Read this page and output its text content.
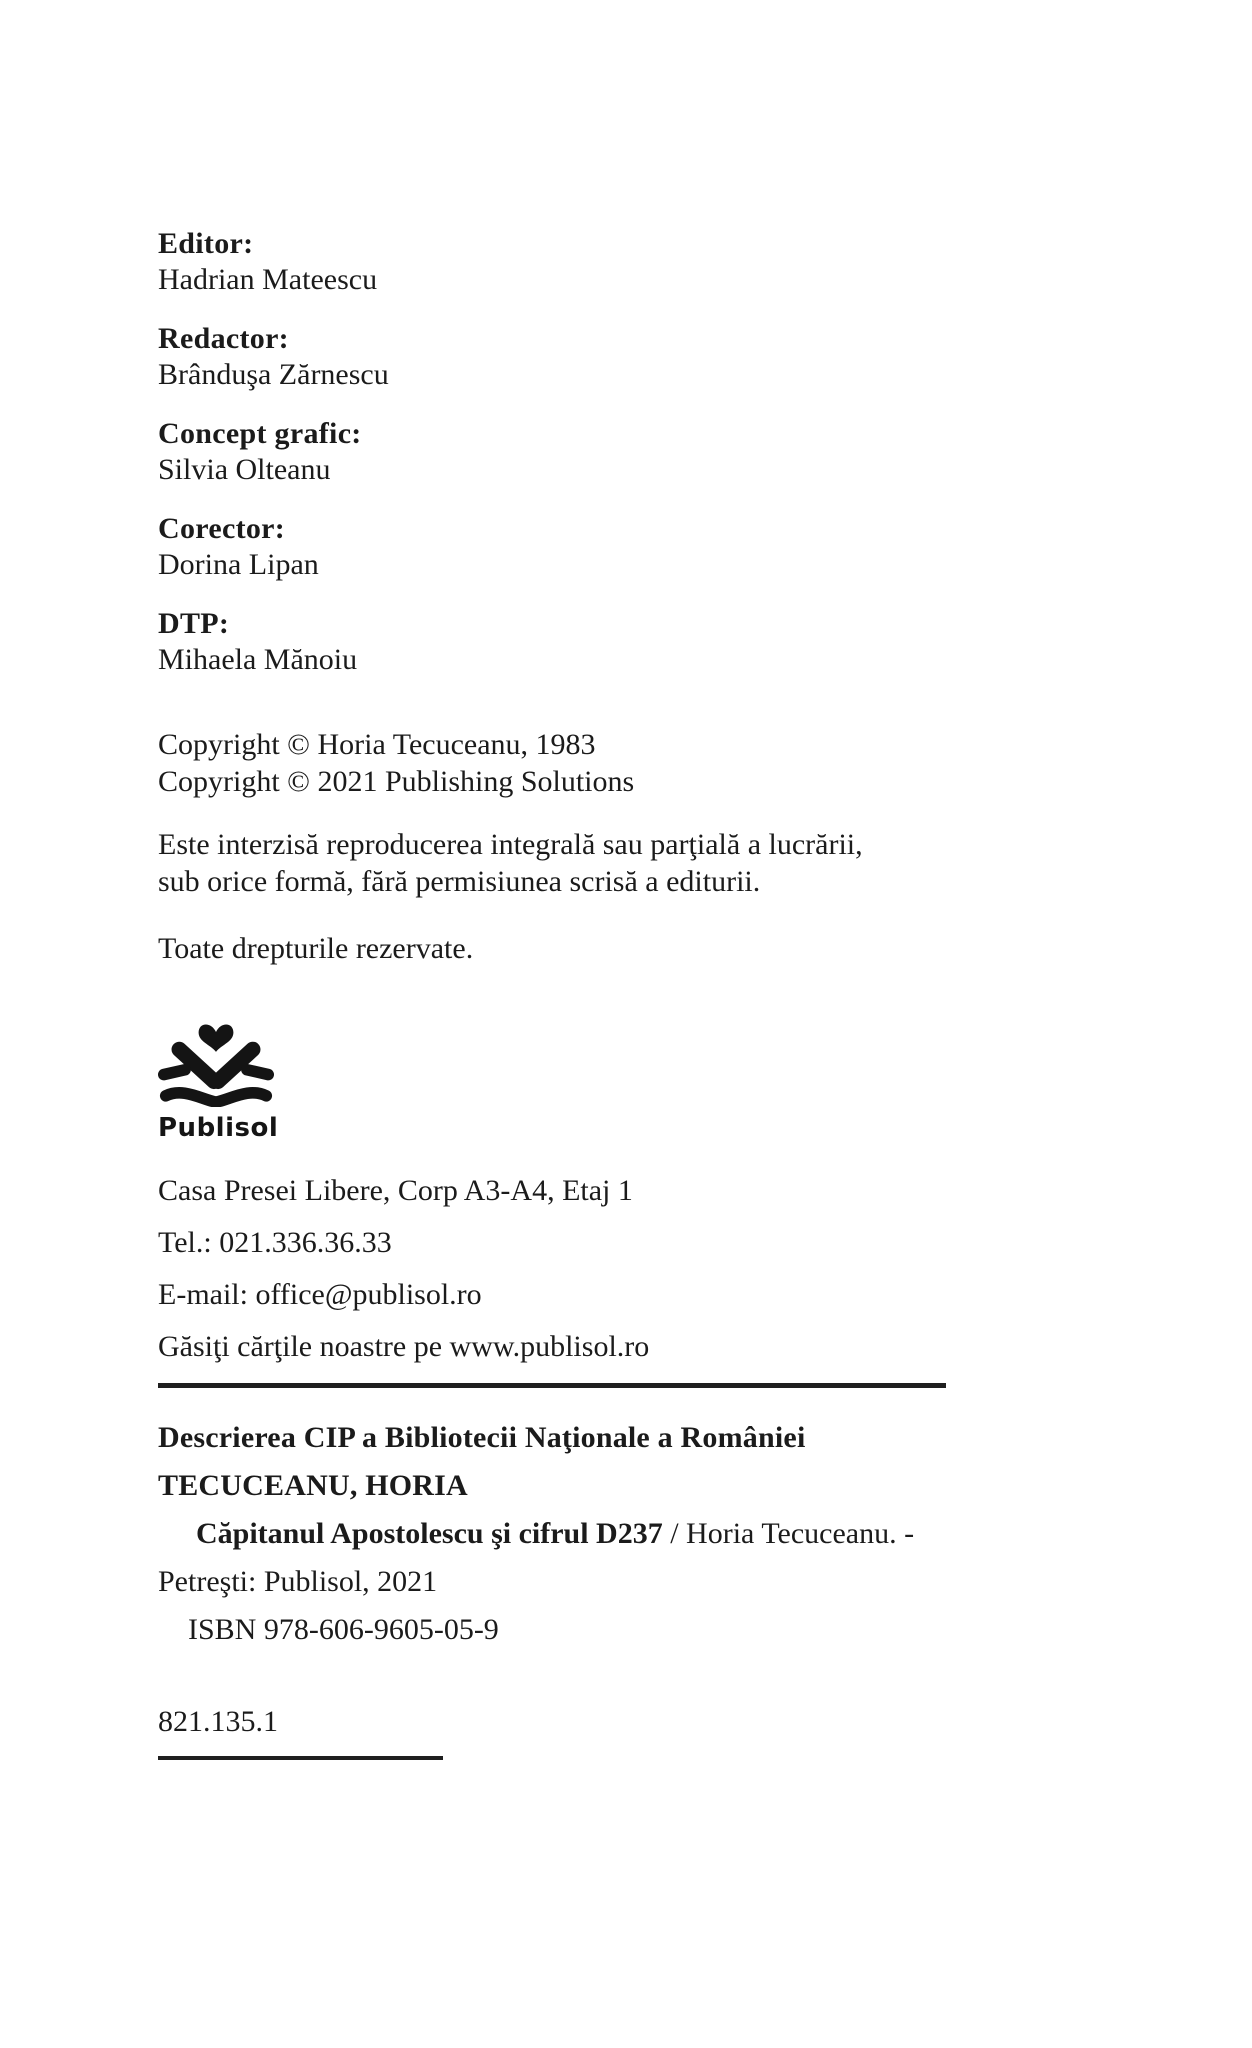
Editor:
Hadrian Mateescu
Redactor:
Brânduşa Zărnescu
Concept grafic:
Silvia Olteanu
Corector:
Dorina Lipan
DTP:
Mihaela Mănoiu
Copyright © Horia Tecuceanu, 1983
Copyright © 2021 Publishing Solutions
Este interzisă reproducerea integrală sau parţială a lucrării,
sub orice formă, fără permisiunea scrisă a editurii.
Toate drepturile rezervate.
Publisol
Casa Presei Libere, Corp A3-A4, Etaj 1
Tel.: 021.336.36.33
E-mail: office@publisol.ro
Găsiţi cărţile noastre pe www.publisol.ro
Descrierea CIP a Bibliotecii Naţionale a României
TECUCEANU, HORIA
Căpitanul Apostolescu şi cifrul D237 / Horia Tecuceanu. -
Petreşti: Publisol, 2021
ISBN 978-606-9605-05-9
821.135.1
